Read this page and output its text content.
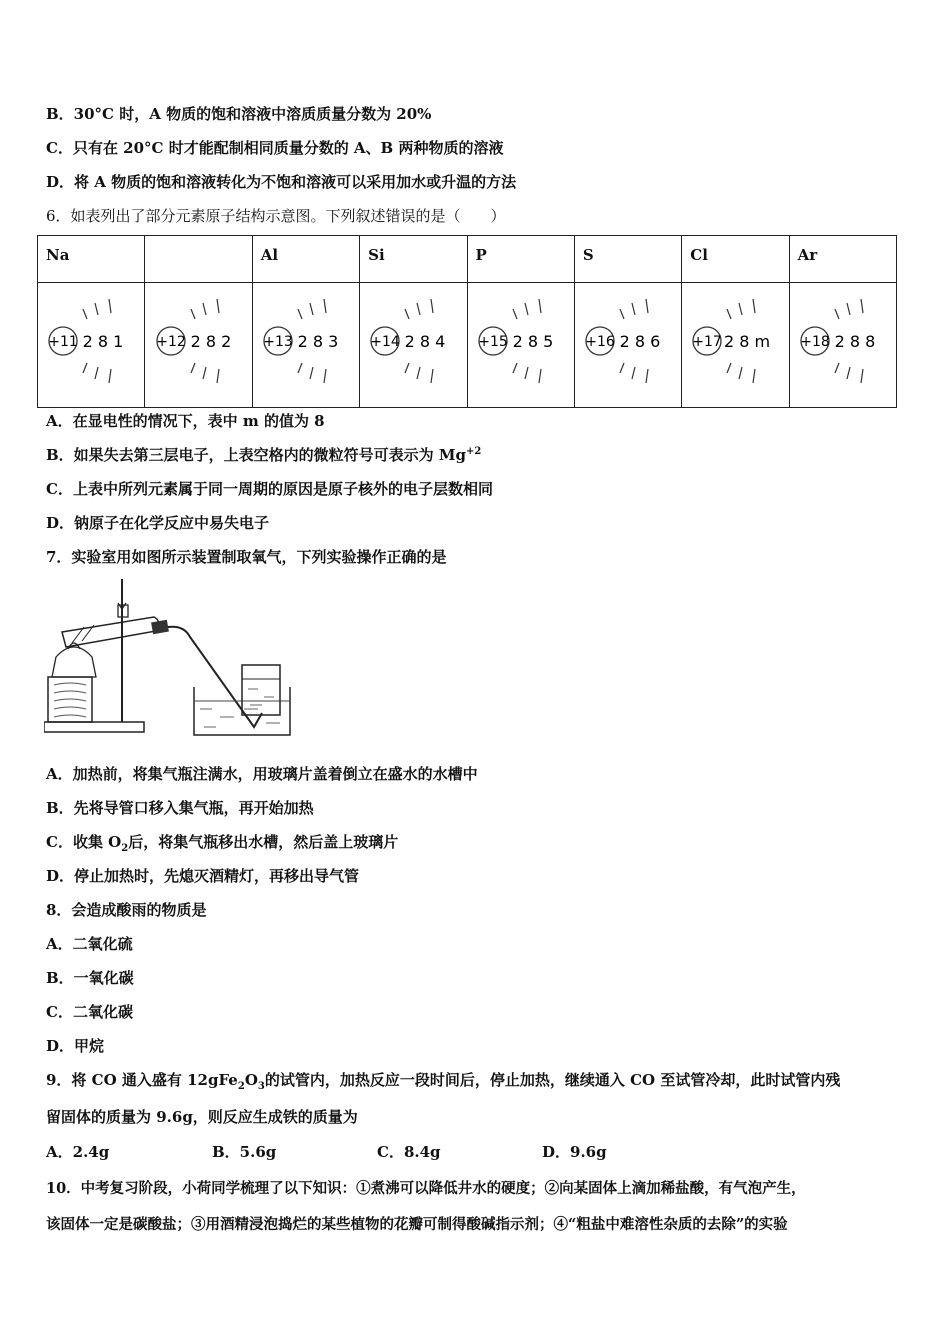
B．30°C 时，A 物质的饱和溶液中溶质质量分数为 20%
C．只有在 20°C 时才能配制相同质量分数的 A、B 两种物质的溶液
D．将 A 物质的饱和溶液转化为不饱和溶液可以采用加水或升温的方法
6．如表列出了部分元素原子结构示意图。下列叙述错误的是（　　）
Na		Al	Si	P	S	Cl	Ar

+11 2 8 1	+12 2 8 2	+13 2 8 3	+14 2 8 4	+15 2 8 5	+16 2 8 6	+17 2 8 m	+18 2 8 8
A．在显电性的情况下，表中 m 的值为 8
B．如果失去第三层电子，上表空格内的微粒符号可表示为 $Mg^{+2}$
C．上表中所列元素属于同一周期的原因是原子核外的电子层数相同
D．钠原子在化学反应中易失电子
7．实验室用如图所示装置制取氧气，下列实验操作正确的是
A．加热前，将集气瓶注满水，用玻璃片盖着倒立在盛水的水槽中
B．先将导管口移入集气瓶，再开始加热
C．收集 $O_2$后，将集气瓶移出水槽，然后盖上玻璃片
D．停止加热时，先熄灭酒精灯，再移出导气管
8．会造成酸雨的物质是
A．二氧化硫
B．一氧化碳
C．二氧化碳
D．甲烷
9．将 CO 通入盛有 $12gFe_2O_3$的试管内，加热反应一段时间后，停止加热，继续通入 CO 至试管冷却，此时试管内残
留固体的质量为 9.6g，则反应生成铁的质量为
A．2.4g	B．5.6g	C．8.4g	D．9.6g
10．中考复习阶段，小荷同学梳理了以下知识：①煮沸可以降低井水的硬度；②向某固体上滴加稀盐酸，有气泡产生，
该固体一定是碳酸盐；③用酒精浸泡捣烂的某些植物的花瓣可制得酸碱指示剂；④“粗盐中难溶性杂质的去除”的实验
